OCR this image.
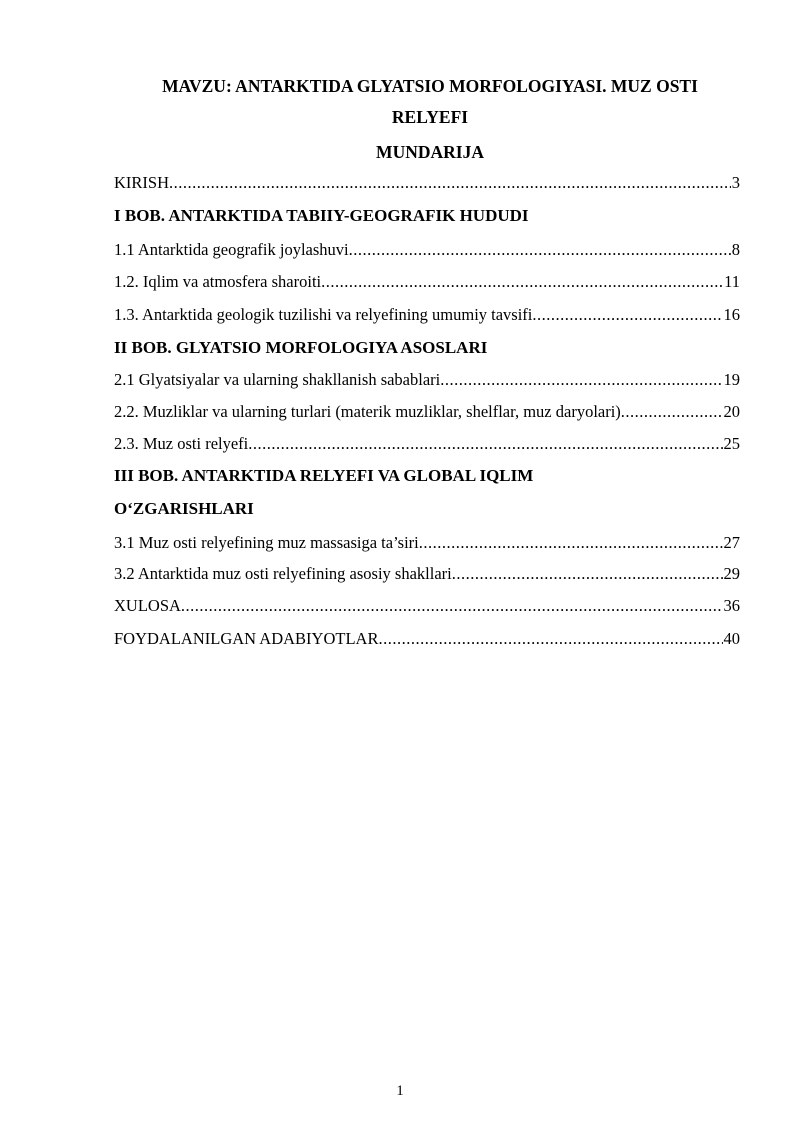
MAVZU: ANTARKTIDA GLYATSIO MORFOLOGIYASI. MUZ OSTI
RELYEFI
MUNDARIJA
KIRISH .....	3
I BOB. ANTARKTIDA TABIIY-GEOGRAFIK HUDUDI
1.1 Antarktida geografik joylashuvi .....	8
1.2. Iqlim va atmosfera sharoiti .....	11
1.3. Antarktida geologik tuzilishi va relyefining umumiy tavsifi .....	16
II BOB. GLYATSIO MORFOLOGIYA ASOSLARI
2.1 Glyatsiyalar va ularning shakllanish sabablari .....	19
2.2. Muzliklar va ularning turlari (materik muzliklar, shelflar, muz daryolari) .....	20
2.3. Muz osti relyefi .....	25
III BOB. ANTARKTIDA RELYEFI VA GLOBAL IQLIM
O‘ZGARISHLARI
3.1 Muz osti relyefining muz massasiga ta’siri .....	27
3.2 Antarktida muz osti relyefining asosiy shakllari .....	29
XULOSA .....	36
FOYDALANILGAN ADABIYOTLAR .....	40
1
